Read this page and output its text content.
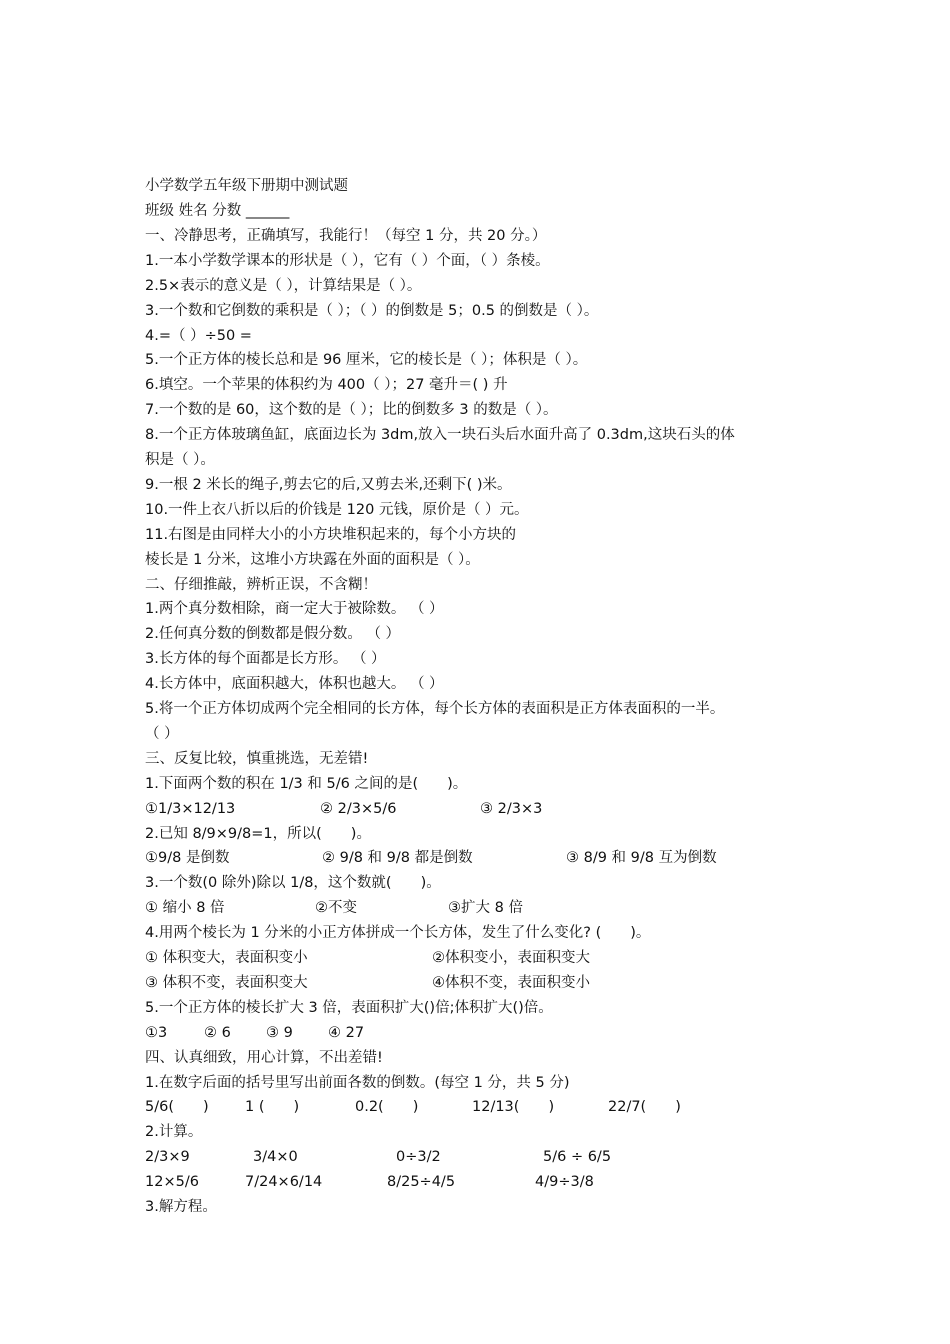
小学数学五年级下册期中测试题
班级 姓名 分数 ______
一、冷静思考，正确填写，我能行！（每空 1 分，共 20 分。）
1.一本小学数学课本的形状是（ ），它有（ ）个面，（ ）条棱。
2.5×表示的意义是（ ），计算结果是（ ）。
3.一个数和它倒数的乘积是（ ）；（ ）的倒数是 5；0.5 的倒数是（ ）。
4.=（ ）÷50 =
5.一个正方体的棱长总和是 96 厘米，它的棱长是（ ）；体积是（ ）。
6.填空。一个苹果的体积约为 400（ ）；27 毫升＝( ) 升
7.一个数的是 60，这个数的是（ ）；比的倒数多 3 的数是（ ）。
8.一个正方体玻璃鱼缸，底面边长为 3dm,放入一块石头后水面升高了 0.3dm,这块石头的体
积是（ ）。
9.一根 2 米长的绳子,剪去它的后,又剪去米,还剩下( )米。
10.一件上衣八折以后的价钱是 120 元钱，原价是（ ）元。
11.右图是由同样大小的小方块堆积起来的，每个小方块的
棱长是 1 分米，这堆小方块露在外面的面积是（ ）。
二、仔细推敲，辨析正误，不含糊！
1.两个真分数相除，商一定大于被除数。 （ ）
2.任何真分数的倒数都是假分数。 （ ）
3.长方体的每个面都是长方形。 （ ）
4.长方体中，底面积越大，体积也越大。 （ ）
5.将一个正方体切成两个完全相同的长方体，每个长方体的表面积是正方体表面积的一半。
（ ）
三、反复比较，慎重挑选，无差错!
1.下面两个数的积在 1/3 和 5/6 之间的是(　　)。
①1/3×12/13	② 2/3×5/6	③ 2/3×3
2.已知 8/9×9/8=1，所以(　　)。
①9/8 是倒数	② 9/8 和 9/8 都是倒数	③ 8/9 和 9/8 互为倒数
3.一个数(0 除外)除以 1/8，这个数就(　　)。
① 缩小 8 倍	②不变	③扩大 8 倍
4.用两个棱长为 1 分米的小正方体拼成一个长方体，发生了什么变化? (　　)。
① 体积变大，表面积变小	②体积变小，表面积变大
③ 体积不变，表面积变大	④体积不变，表面积变小
5.一个正方体的棱长扩大 3 倍，表面积扩大()倍;体积扩大()倍。
①3	② 6 ③ 9 ④ 27
四、认真细致，用心计算，不出差错!
1.在数字后面的括号里写出前面各数的倒数。(每空 1 分，共 5 分)
5/6(　　)	1 (　　)	0.2(　　)	12/13(　　)	22/7(　　)
2.计算。
2/3×9	3/4×0	0÷3/2	5/6 ÷ 6/5
12×5/6	7/24×6/14	8/25÷4/5	4/9÷3/8
3.解方程。
